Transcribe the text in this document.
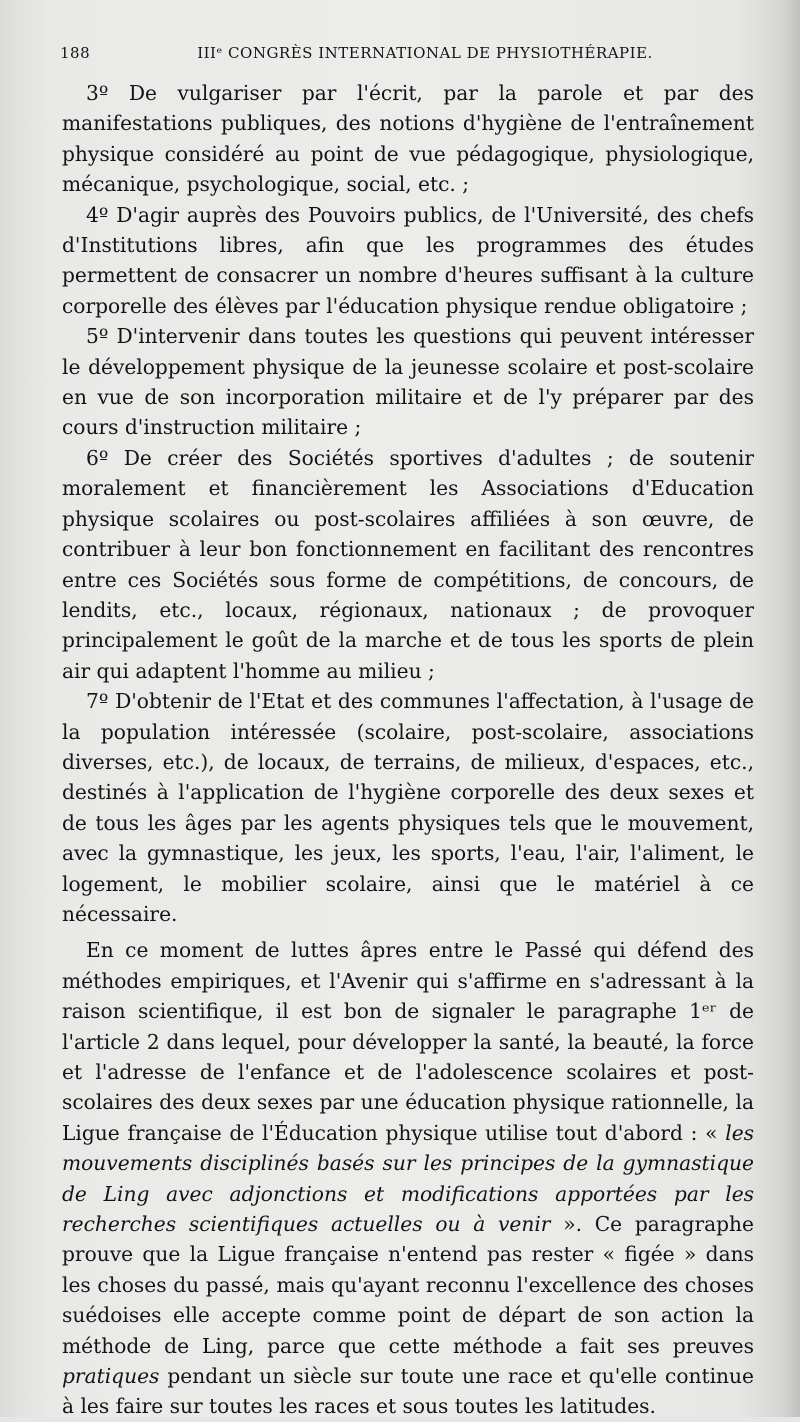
188	IIIᵉ CONGRÈS INTERNATIONAL DE PHYSIOTHÉRAPIE.

3º De vulgariser par l'écrit, par la parole et par des manifestations publiques, des notions d'hygiène de l'entraînement physique considéré au point de vue pédagogique, physiologique, mécanique, psychologique, social, etc. ;

4º D'agir auprès des Pouvoirs publics, de l'Université, des chefs d'Institutions libres, afin que les programmes des études permettent de consacrer un nombre d'heures suffisant à la culture corporelle des élèves par l'éducation physique rendue obligatoire ;

5º D'intervenir dans toutes les questions qui peuvent intéresser le développement physique de la jeunesse scolaire et post-scolaire en vue de son incorporation militaire et de l'y préparer par des cours d'instruction militaire ;

6º De créer des Sociétés sportives d'adultes ; de soutenir moralement et financièrement les Associations d'Education physique scolaires ou post-scolaires affiliées à son œuvre, de contribuer à leur bon fonctionnement en facilitant des rencontres entre ces Sociétés sous forme de compétitions, de concours, de lendits, etc., locaux, régionaux, nationaux ; de provoquer principalement le goût de la marche et de tous les sports de plein air qui adaptent l'homme au milieu ;

7º D'obtenir de l'Etat et des communes l'affectation, à l'usage de la population intéressée (scolaire, post-scolaire, associations diverses, etc.), de locaux, de terrains, de milieux, d'espaces, etc., destinés à l'application de l'hygiène corporelle des deux sexes et de tous les âges par les agents physiques tels que le mouvement, avec la gymnastique, les jeux, les sports, l'eau, l'air, l'aliment, le logement, le mobilier scolaire, ainsi que le matériel à ce nécessaire.

En ce moment de luttes âpres entre le Passé qui défend des méthodes empiriques, et l'Avenir qui s'affirme en s'adressant à la raison scientifique, il est bon de signaler le paragraphe 1ᵉʳ de l'article 2 dans lequel, pour développer la santé, la beauté, la force et l'adresse de l'enfance et de l'adolescence scolaires et post-scolaires des deux sexes par une éducation physique rationnelle, la Ligue française de l'Éducation physique utilise tout d'abord : « les mouvements disciplinés basés sur les principes de la gymnastique de Ling avec adjonctions et modifications apportées par les recherches scientifiques actuelles ou à venir ». Ce paragraphe prouve que la Ligue française n'entend pas rester « figée » dans les choses du passé, mais qu'ayant reconnu l'excellence des choses suédoises elle accepte comme point de départ de son action la méthode de Ling, parce que cette méthode a fait ses preuves pratiques pendant un siècle sur toute une race et qu'elle continue à les faire sur toutes les races et sous toutes les latitudes.
